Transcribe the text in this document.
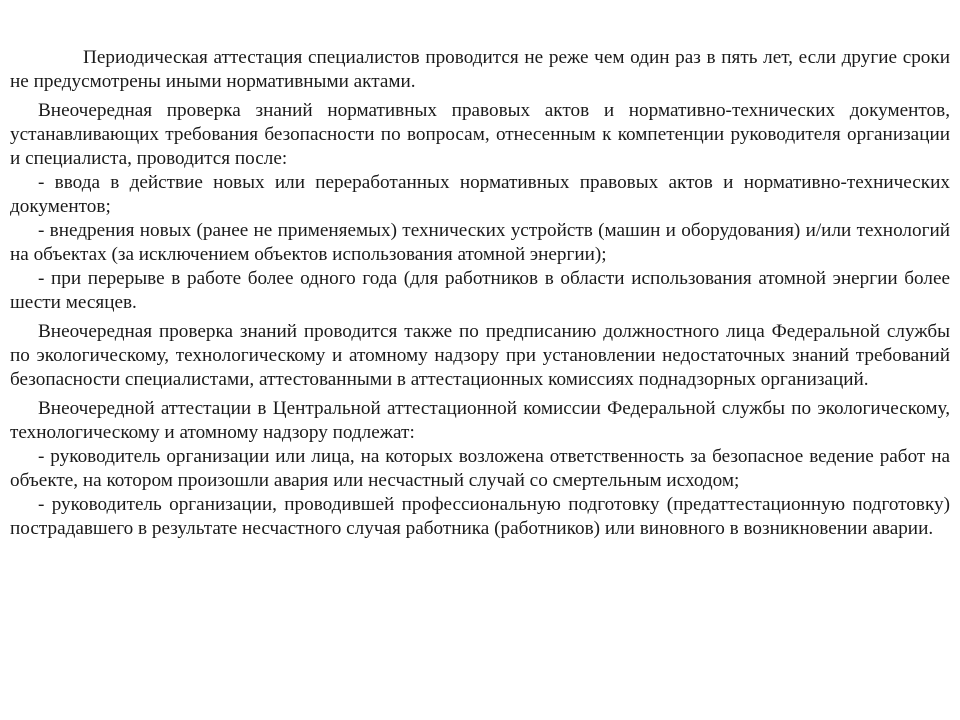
Периодическая аттестация специалистов проводится не реже чем один раз в пять лет, если другие сроки не предусмотрены иными нормативными актами.

Внеочередная проверка знаний нормативных правовых актов и нормативно-технических документов, устанавливающих требования безопасности по вопросам, отнесенным к компетенции руководителя организации и специалиста, проводится после:

- ввода в действие новых или переработанных нормативных правовых актов и нормативно-технических документов;

- внедрения новых (ранее не применяемых) технических устройств (машин и оборудования) и/или технологий на объектах (за исключением объектов использования атомной энергии);

- при перерыве в работе более одного года (для работников в области использования атомной энергии более шести месяцев.

Внеочередная проверка знаний проводится также по предписанию должностного лица Федеральной службы по экологическому, технологическому и атомному надзору при установлении недостаточных знаний требований безопасности специалистами, аттестованными в аттестационных комиссиях поднадзорных организаций.

Внеочередной аттестации в Центральной аттестационной комиссии Федеральной службы по экологическому, технологическому и атомному надзору подлежат:

- руководитель организации или лица, на которых возложена ответственность за безопасное ведение работ на объекте, на котором произошли авария или несчастный случай со смертельным исходом;

- руководитель организации, проводившей профессиональную подготовку (предаттестационную подготовку) пострадавшего в результате несчастного случая работника (работников) или виновного в возникновении аварии.
